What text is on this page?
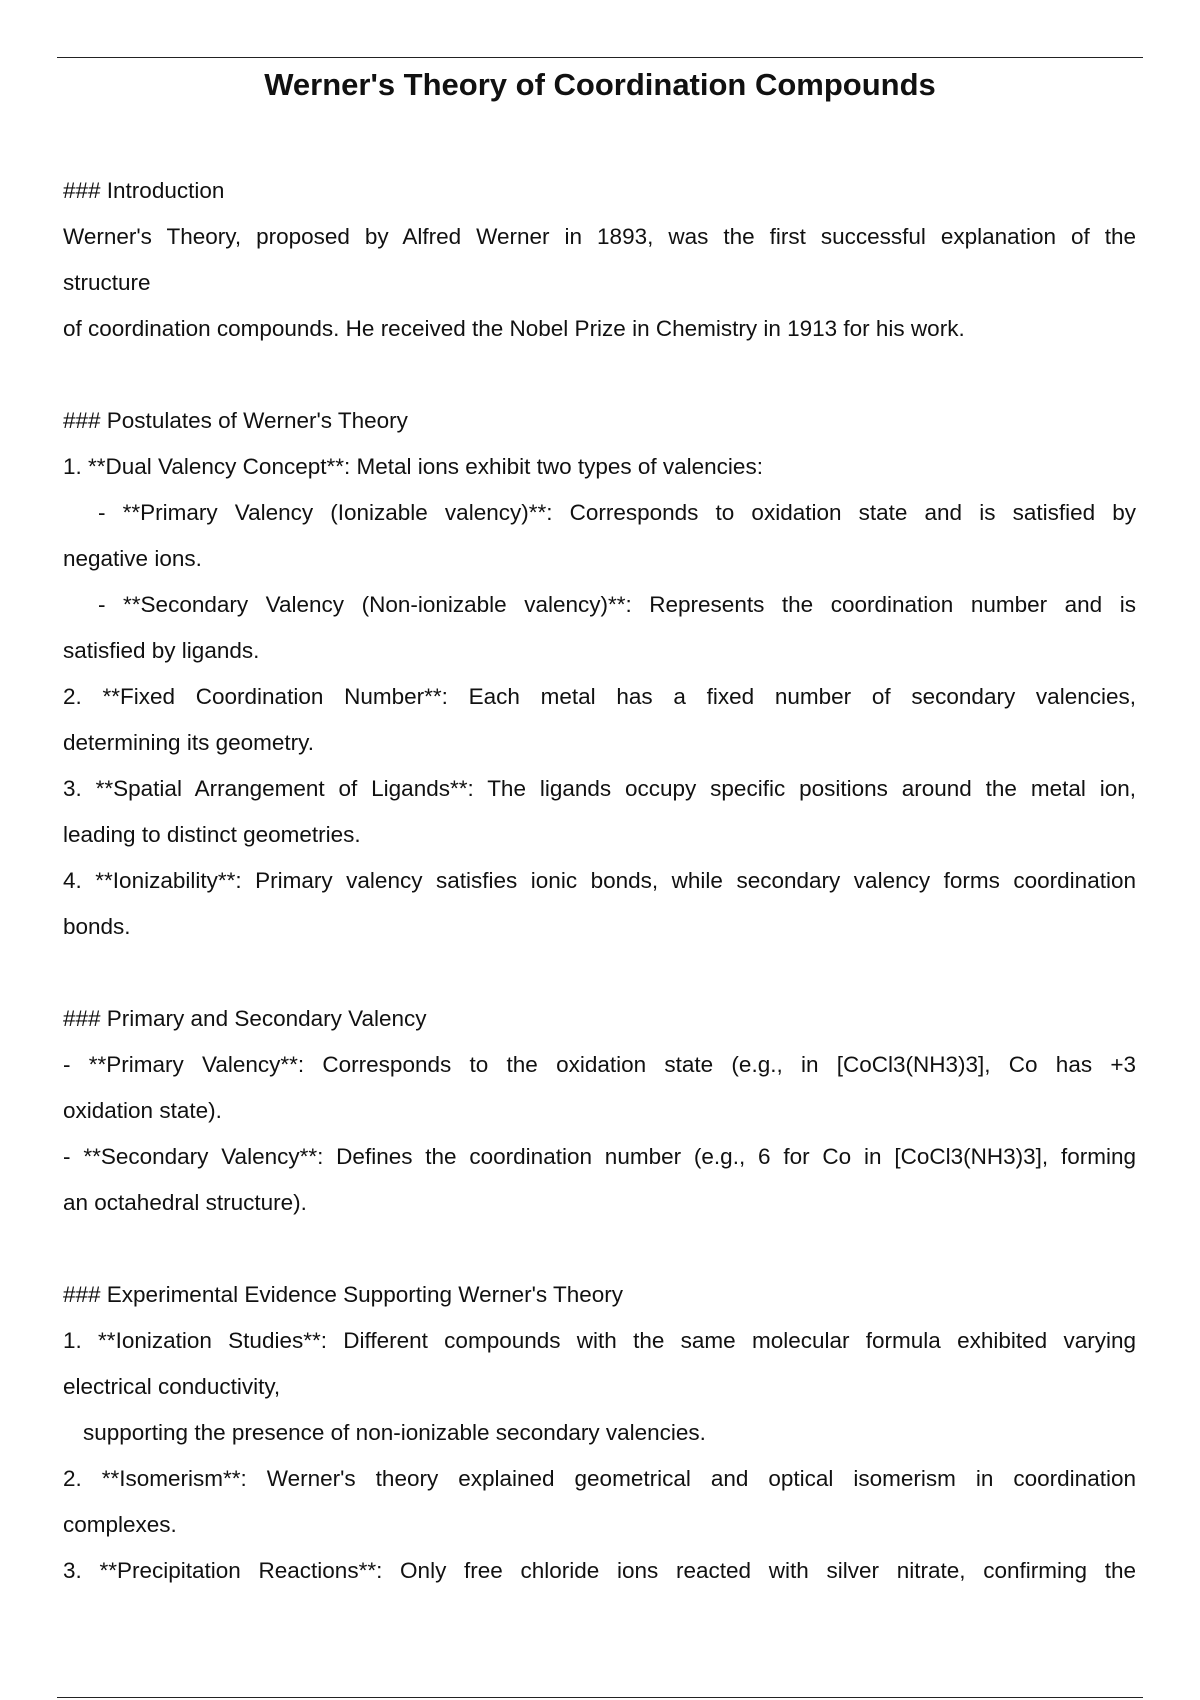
Werner's Theory of Coordination Compounds
### Introduction
Werner's Theory, proposed by Alfred Werner in 1893, was the first successful explanation of the
structure
of coordination compounds. He received the Nobel Prize in Chemistry in 1913 for his work.
### Postulates of Werner's Theory
1. **Dual Valency Concept**: Metal ions exhibit two types of valencies:
- **Primary Valency (Ionizable valency)**: Corresponds to oxidation state and is satisfied by
negative ions.
- **Secondary Valency (Non-ionizable valency)**: Represents the coordination number and is
satisfied by ligands.
2. **Fixed Coordination Number**: Each metal has a fixed number of secondary valencies,
determining its geometry.
3. **Spatial Arrangement of Ligands**: The ligands occupy specific positions around the metal ion,
leading to distinct geometries.
4. **Ionizability**: Primary valency satisfies ionic bonds, while secondary valency forms coordination
bonds.
### Primary and Secondary Valency
- **Primary Valency**: Corresponds to the oxidation state (e.g., in [CoCl3(NH3)3], Co has +3
oxidation state).
- **Secondary Valency**: Defines the coordination number (e.g., 6 for Co in [CoCl3(NH3)3], forming
an octahedral structure).
### Experimental Evidence Supporting Werner's Theory
1. **Ionization Studies**: Different compounds with the same molecular formula exhibited varying
electrical conductivity,
supporting the presence of non-ionizable secondary valencies.
2. **Isomerism**: Werner's theory explained geometrical and optical isomerism in coordination
complexes.
3. **Precipitation Reactions**: Only free chloride ions reacted with silver nitrate, confirming the
